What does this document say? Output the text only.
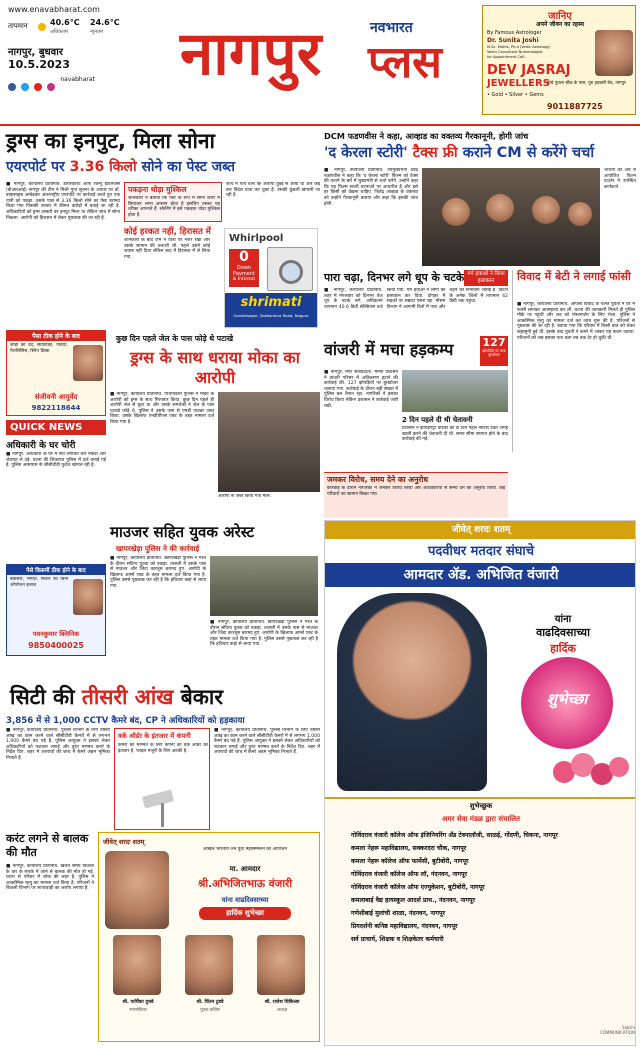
www.enavabharat.com
तापमान	40.6°C
अधिकतम
24.6°C
न्यूनतम
नागपुर, बुधवार
10.5.2023
$^{navabharat}$ नागपुर	नवभारत
प्लस
जानिए
अपने जीवन का रहस्य
By Famous Astrologer
Dr. Sunita Joshi
M.Sc. Maths, Ph.d (Vedic Astrology)
Vastu Consultant Numerologist
for Appointment Call :
DEV JASRAJ
JEWELLERS
• Gold • Silver • Gems
पांचे पुतला चौक के पास, पुरु हडबारी रोड, नागपुर
9011887725
ड्रग्स का इनपुट, मिला सोना
एयरपोर्ट पर 3.36 किलो सोने का पेस्ट जब्त
■ नागपुर, कार्यालय प्रतिनिधि. डायरेक्टरेट ऑफ रेवेन्यू इंटेलिजेंस (डीआरआई) नागपुर की टीम ने मिली गुप्त सूचना के आधार पर डॉ. बाबासाहब आंबेडकर अंतरराष्ट्रीय एयरपोर्ट पर कार्रवाई करते हुए एक यात्री को पकड़ा. उसके पास से 3.36 किलो सोने का पेस्ट बरामद किया गया जिसकी बाजार में कीमत करोड़ों में बताई जा रही है. अधिकारियों को ड्रग्स तस्करी का इनपुट मिला था लेकिन जांच में सोना निकला. आरोपी को हिरासत में लेकर पूछताछ की जा रही है.
पकड़ना थोड़ा मुश्किल
जानकारों ने बताया कि पेस्ट के रूप में सोना शरीर में छिपाकर लाना आसान होता है इसलिए तस्कर यह तरीका अपनाते हैं. स्कैनिंग में इसे पकड़ना थोड़ा मुश्किल होता है.
जांच में पता चला कि आरोपी दुबई से आया था और कई बार विदेश यात्रा कर चुका है. उसकी कुंडली खंगाली जा रही है.
कोई हरकत नहीं, हिरासत में
जानकारी के बाद टीम ने यात्री पर नजर रखी और उसके सामान की तलाशी ली. पहले उसने कोई जवाब नहीं दिया लेकिन बाद में हिरासत में ले लिया गया.
Whirlpool
0
Down
Payment
& Interest
shrimati
Gandhisagar, Sakkardara Road, Nagpur
DCM फडणवीस ने कहा, आव्हाड का वक्तव्य गैरकानूनी, होगी जांच
'द केरला स्टोरी' टैक्स फ्री कराने CM से करेंगे चर्चा
■ नागपुर, कार्यालय प्रतिनिधि. उपमुख्यमंत्री देवेंद्र फडणवीस ने कहा कि 'द केरला स्टोरी' फिल्म को टैक्स फ्री कराने के बारे में मुख्यमंत्री से चर्चा करेंगे. उन्होंने कहा कि यह फिल्म सच्ची घटनाओं पर आधारित है और इसे हर किसी को देखना चाहिए. जितेंद्र आव्हाड के वक्तव्य को उन्होंने गैरकानूनी बताया और कहा कि इसकी जांच होगी.
भाजपा की ओर से आयोजित फिल्म प्रदर्शन में उपस्थित कार्यकर्ता.
पारा चढ़ा, दिनभर लगे धूप के चटके गर्म हवाओं ने किया हलाकान
■ नागपुर, कार्यालय प्रतिनिधि. शहर में मंगलवार को दिनभर तेज धूप के चटके लगे. अधिकतम तापमान 40.6 डिग्री सेल्सियस दर्ज किया गया. गर्म हवाओं ने लोगों को हलाकान कर दिया. दोपहर में सड़कों पर सन्नाटा पसरा रहा. मौसम विभाग ने आगामी दिनों में पारा और चढ़ने की संभावना जताई है. विदर्भ के अनेक जिलों में तापमान 42 डिग्री तक पहुंचा.
विवाद में बेटी ने लगाई फांसी
■ नागपुर, कार्यालय प्रतिनिधि. आपसी विवाद के चलते युवती ने घर में फांसी लगाकर आत्महत्या कर ली. घटना की जानकारी मिलते ही पुलिस मौके पर पहुंची और शव को पोस्टमार्टम के लिए भेजा. पुलिस ने आकस्मिक मृत्यु का मामला दर्ज कर जांच शुरू की है. परिजनों से पूछताछ की जा रही है. बताया गया कि परिवार में किसी बात को लेकर कहासुनी हुई थी. इसके बाद युवती ने कमरे में जाकर यह कदम उठाया. परिजनों को जब इसका पता चला तब तक देर हो चुकी थी.
पैसा ठीक होने के बाद
जोड़ों का दर्द, सायटिका, गठिया, पैरालिसिस, स्लिप डिस्क
संजीवनी आयुर्वेद
9822118644
QUICK NEWS
अधिकारी के घर चोरी
■ नागपुर. अधिकारी के घर में सेंध लगाकर चोर नकदी और जेवरात ले उड़े. घटना की शिकायत पुलिस में दर्ज कराई गई है. पुलिस आसपास के सीसीटीवी फुटेज खंगाल रही है.
पैसे किसमीं ठीक होने के बाद
बवासीर, भगंदर, फिशर का बिना ऑपरेशन इलाज
पवनकुमार क्लिनिक
9850400025
कुछ दिन पहले जेल के पास फोड़े थे पटाखे
ड्रग्स के साथ धराया मोका का आरोपी
■ नागपुर, कार्यालय प्रतिनिधि. पांचपावली पुलिस ने मोका के आरोपी को ड्रग्स के साथ गिरफ्तार किया. कुछ दिन पहले ही आरोपी जेल से छूटा था और उसके समर्थकों ने जेल के पास पटाखे फोड़े थे. पुलिस ने उसके पास से एमडी पाउडर जब्त किया. उसके खिलाफ एनडीपीएस एक्ट के तहत मामला दर्ज किया गया है.
आरोपी से जब्त किया गया माल.
वांजरी में मचा हड़कम्प	127
झोपड़ियों पर चला बुलडोजर
■ नागपुर, नगर संवाददाता. मनपा प्रशासन ने वांजरी परिसर में अतिक्रमण हटाने की कार्रवाई की. 127 झोपड़ियों पर बुलडोजर चलाया गया. कार्रवाई के दौरान बड़ी संख्या में पुलिस बल तैनात रहा. नागरिकों ने इसका विरोध किया लेकिन प्रशासन ने कार्रवाई जारी रखी.
2 दिन पहले दी थी चेतावनी
प्रशासन ने झोपड़पट्टी धारकों को दो दिन पहले नोटिस देकर जगह खाली करने की चेतावनी दी थी. समय सीमा समाप्त होने के बाद कार्रवाई की गई.
जमकर विरोध, समय देने का अनुरोध
कार्रवाई के दौरान नागरिकों ने जमकर विरोध किया और अधिकारियों से समय देने का अनुरोध किया. कई परिवारों का सामान बिखर गया.
माउजर सहित युवक अरेस्ट
खापरखेड़ा पुलिस ने की कार्रवाई
■ नागपुर, कार्यालय प्रतिनिधि. खापरखेड़ा पुलिस ने गश्त के दौरान संदिग्ध युवक को पकड़ा. तलाशी में उसके पास से माउजर और जिंदा कारतूस बरामद हुए. आरोपी के खिलाफ आर्म्स एक्ट के तहत मामला दर्ज किया गया है. पुलिस उससे पूछताछ कर रही है कि हथियार कहां से लाया गया.
■ नागपुर, कार्यालय प्रतिनिधि. खापरखेड़ा पुलिस ने गश्त के दौरान संदिग्ध युवक को पकड़ा. तलाशी में उसके पास से माउजर और जिंदा कारतूस बरामद हुए. आरोपी के खिलाफ आर्म्स एक्ट के तहत मामला दर्ज किया गया है. पुलिस उससे पूछताछ कर रही है कि हथियार कहां से लाया गया.
सिटी की तीसरी आंख बेकार
3,856 में से 1,000 CCTV कैमरे बंद, CP ने अधिकारियों को हड़काया
■ नागपुर, कार्यालय प्रतिनिधि. पुलिस विभाग के लिए तीसरी आंख का काम करने वाले सीसीटीवी कैमरों में से लगभग 1,000 कैमरे बंद पड़े हैं. पुलिस आयुक्त ने इसको लेकर अधिकारियों को फटकार लगाई और तुरंत मरम्मत करने के निर्देश दिए. शहर में अपराधों की जांच में कैमरे अहम भूमिका निभाते हैं.
वर्क ऑर्डर के इंतजार में कंपनी
कैमरों की मरम्मत के लिए कंपनी को वर्क ऑर्डर का इंतजार है. फाइल मंजूरी के लिए अटकी है.
■ नागपुर, कार्यालय प्रतिनिधि. पुलिस विभाग के लिए तीसरी आंख का काम करने वाले सीसीटीवी कैमरों में से लगभग 1,000 कैमरे बंद पड़े हैं. पुलिस आयुक्त ने इसको लेकर अधिकारियों को फटकार लगाई और तुरंत मरम्मत करने के निर्देश दिए. शहर में अपराधों की जांच में कैमरे अहम भूमिका निभाते हैं.
करंट लगने से बालक की मौत
■ नागपुर, कार्यालय प्रतिनिधि. खेलते समय बिजली के तार के संपर्क में आने से बालक की मौत हो गई. घटना से परिसर में शोक की लहर है. पुलिस ने आकस्मिक मृत्यु का मामला दर्ज किया है. परिजनों ने बिजली विभाग पर लापरवाही का आरोप लगाया है.
जीवेत् शरदः शतम्
अखिल भारतीय जैन युवा महासम्मेलन का आयोजन
मा. आमदार
श्री.अभिजितभाऊ वंजारी
यांना वाढदिवसाच्या
हार्दिक शुभेच्छा
श्री. पार्थिका दुधवे	श्री. चिंतन टुडवे	श्री. राजेश चिकित्सा
नगरसेविका	युवक काँग्रेस	अध्यक्ष
जीवेत् शरदः शतम्
पदवीधर मतदार संघाचे
आमदार ॲड. अभिजित वंजारी
यांना
वाढदिवसाच्या
हार्दिक
शुभेच्छा
शुभेच्छुक
अमर सेवा मंडळ द्वारा संचालित
गोविंदराव वंजारी कॉलेज ऑफ इंजिनियरिंग अँड टेक्नालॉजी, साळई, गोंदणी, चिकना, नागपूर
कमला नेहरू महाविद्यालय, सक्करदरा चौक, नागपूर
कमला नेहरू कॉलेज ऑफ फार्मेसी, बुटीबोरी, नागपूर
गोविंदराव वंजारी कॉलेज ऑफ लॉ, नंदनवन, नागपूर
गोविंदराव वंजारी कॉलेज ऑफ एज्युकेशन, बुटीबोरी, नागपूर
कमलाबाई वैद्य हायस्कूल आदर्श प्राथ., नंदनवन, नागपूर
गणेशीबाई मुलांची शाळा, नंदनवन, नागपूर
प्रियदर्शनी कनिष्ठ महाविद्यालय, नंदनवन, नागपूर
सर्व प्राचार्य, शिक्षक व शिक्षकेतर कर्मचारी
Sakshi COMMUNICATION
